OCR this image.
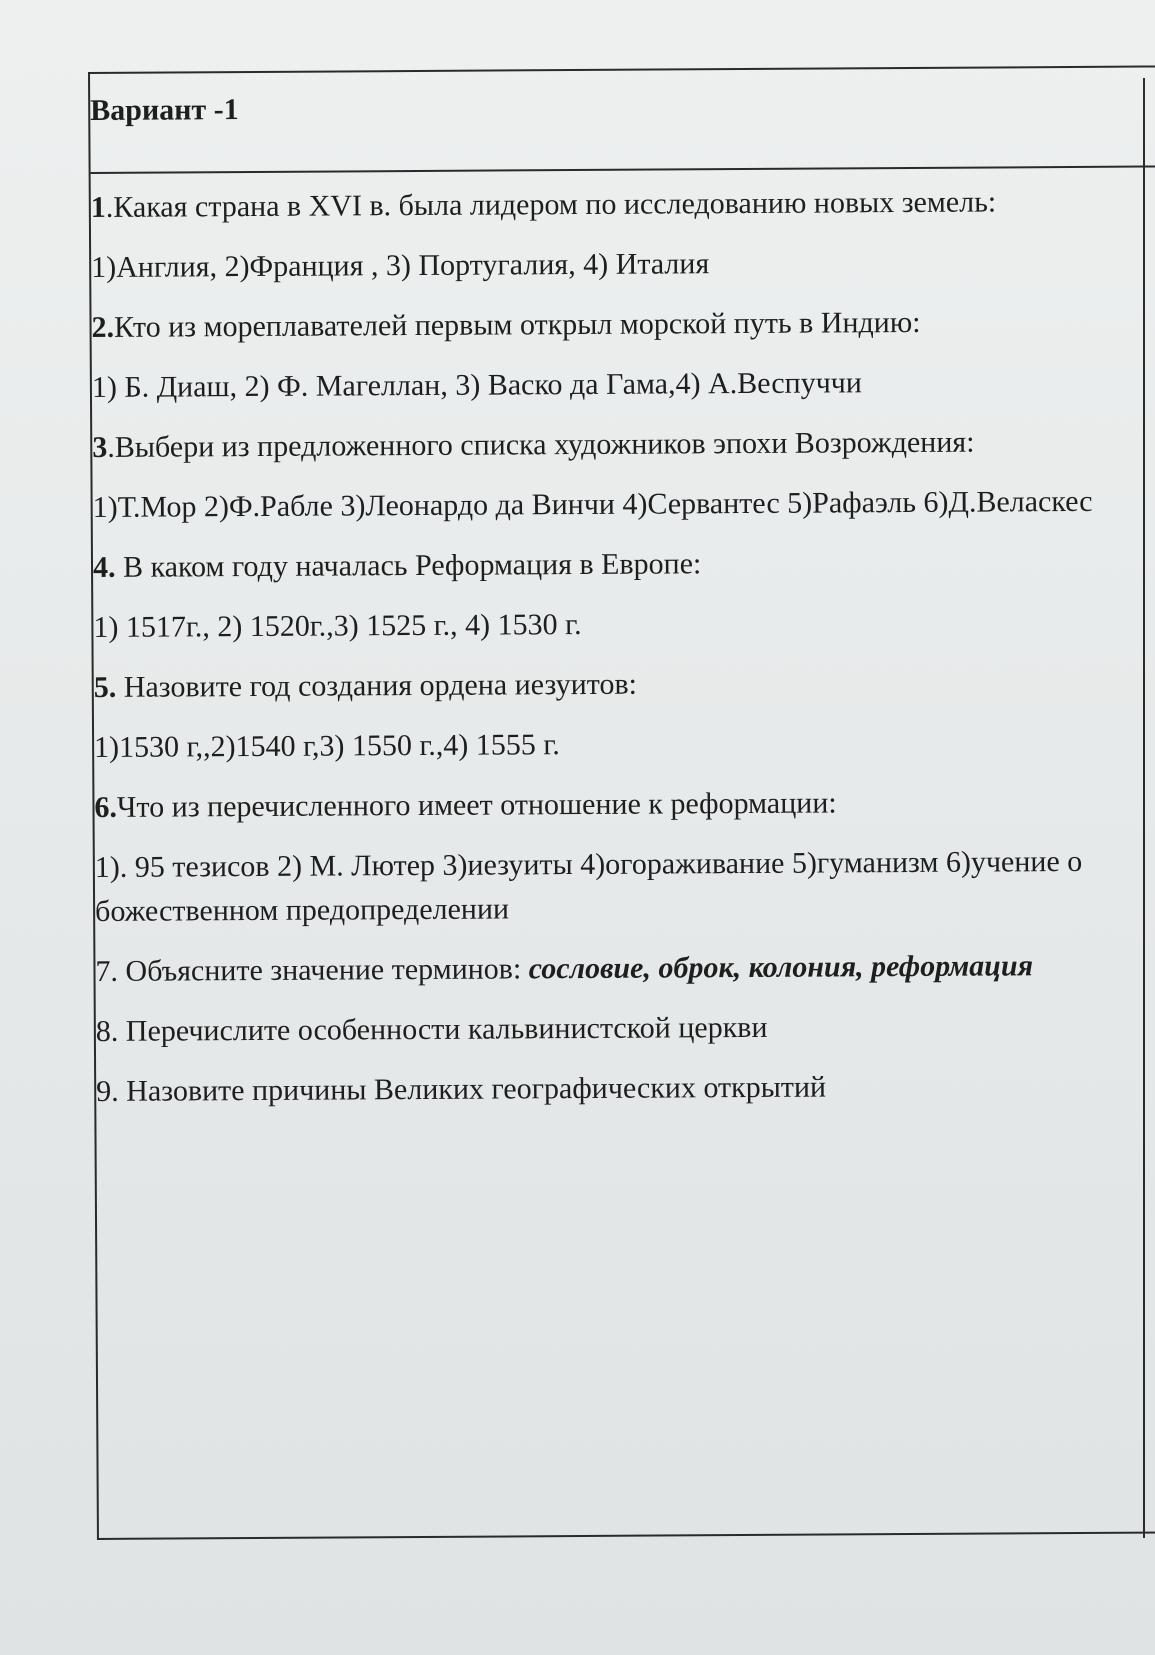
Вариант -1

1.Какая страна в XVI в. была лидером по исследованию новых земель:

1)Англия, 2)Франция , 3) Португалия, 4) Италия

2.Кто из мореплавателей первым открыл морской путь в Индию:

1) Б. Диаш, 2) Ф. Магеллан, 3) Васко да Гама,4) А.Веспуччи

3.Выбери из предложенного списка художников эпохи Возрождения:

1)Т.Мор 2)Ф.Рабле 3)Леонардо да Винчи 4)Сервантес 5)Рафаэль 6)Д.Веласкес

4. В каком году началась Реформация в Европе:

1) 1517г., 2) 1520г.,3) 1525 г., 4) 1530 г.

5. Назовите год создания ордена иезуитов:

1)1530 г,,2)1540 г,3) 1550 г.,4) 1555 г.

6.Что из перечисленного имеет отношение к реформации:

1). 95 тезисов 2) М. Лютер 3)иезуиты 4)огораживание 5)гуманизм 6)учение о божественном предопределении

7. Объясните значение терминов: сословие, оброк, колония, реформация

8. Перечислите особенности кальвинистской церкви

9. Назовите причины Великих географических открытий
